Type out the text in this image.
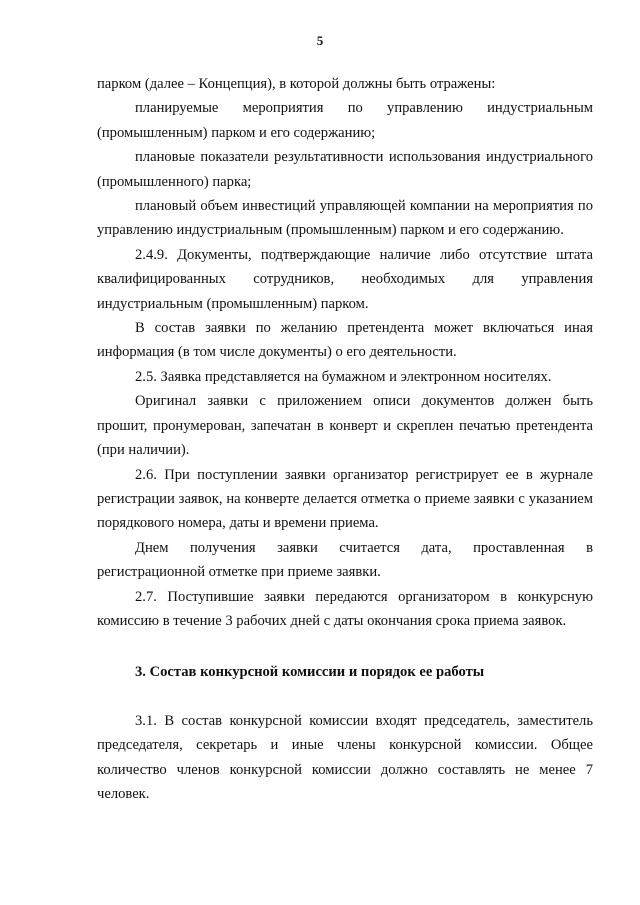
5

парком (далее – Концепция), в которой должны быть отражены:

планируемые мероприятия по управлению индустриальным (промышленным) парком и его содержанию;

плановые показатели результативности использования индустриального (промышленного) парка;

плановый объем инвестиций управляющей компании на мероприятия по управлению индустриальным (промышленным) парком и его содержанию.

2.4.9. Документы, подтверждающие наличие либо отсутствие штата квалифицированных сотрудников, необходимых для управления индустриальным (промышленным) парком.

В состав заявки по желанию претендента может включаться иная информация (в том числе документы) о его деятельности.

2.5. Заявка представляется на бумажном и электронном носителях.

Оригинал заявки с приложением описи документов должен быть прошит, пронумерован, запечатан в конверт и скреплен печатью претендента (при наличии).

2.6. При поступлении заявки организатор регистрирует ее в журнале регистрации заявок, на конверте делается отметка о приеме заявки с указанием порядкового номера, даты и времени приема.

Днем получения заявки считается дата, проставленная в регистрационной отметке при приеме заявки.

2.7. Поступившие заявки передаются организатором в конкурсную комиссию в течение 3 рабочих дней с даты окончания срока приема заявок.

3. Состав конкурсной комиссии и порядок ее работы

3.1. В состав конкурсной комиссии входят председатель, заместитель председателя, секретарь и иные члены конкурсной комиссии. Общее количество членов конкурсной комиссии должно составлять не менее 7 человек.
